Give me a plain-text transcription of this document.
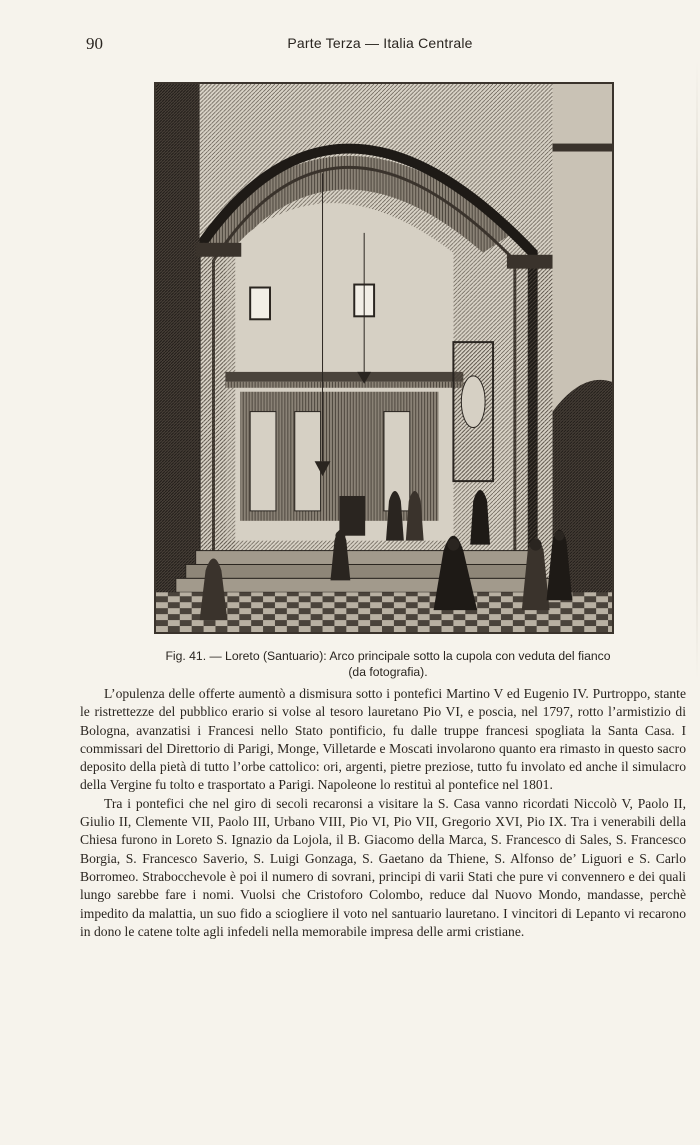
90	Parte Terza — Italia Centrale
Fig. 41. — Loreto (Santuario): Arco principale sotto la cupola con veduta del fianco
(da fotografia).

L’opulenza delle offerte aumentò a dismisura sotto i pontefici Martino V ed Eugenio IV. Purtroppo, stante le ristrettezze del pubblico erario si volse al tesoro lauretano Pio VI, e poscia, nel 1797, rotto l’armistizio di Bologna, avanzatisi i Francesi nello Stato pontificio, fu dalle truppe francesi spogliata la Santa Casa. I commissari del Direttorio di Parigi, Monge, Villetarde e Moscati involarono quanto era rimasto in questo sacro deposito della pietà di tutto l’orbe cattolico: ori, argenti, pietre preziose, tutto fu involato ed anche il simulacro della Vergine fu tolto e trasportato a Parigi. Napoleone lo restituì al pontefice nel 1801.

Tra i pontefici che nel giro di secoli recaronsi a visitare la S. Casa vanno ricordati Niccolò V, Paolo II, Giulio II, Clemente VII, Paolo III, Urbano VIII, Pio VI, Pio VII, Gregorio XVI, Pio IX. Tra i venerabili della Chiesa furono in Loreto S. Ignazio da Lojola, il B. Giacomo della Marca, S. Francesco di Sales, S. Francesco Borgia, S. Francesco Saverio, S. Luigi Gonzaga, S. Gaetano da Thiene, S. Alfonso de’ Liguori e S. Carlo Borromeo. Strabocchevole è poi il numero di sovrani, principi di varii Stati che pure vi convennero e dei quali lungo sarebbe fare i nomi. Vuolsi che Cristoforo Colombo, reduce dal Nuovo Mondo, mandasse, perchè impedito da malattia, un suo fido a sciogliere il voto nel santuario lauretano. I vincitori di Lepanto vi recarono in dono le catene tolte agli infedeli nella memorabile impresa delle armi cristiane.
